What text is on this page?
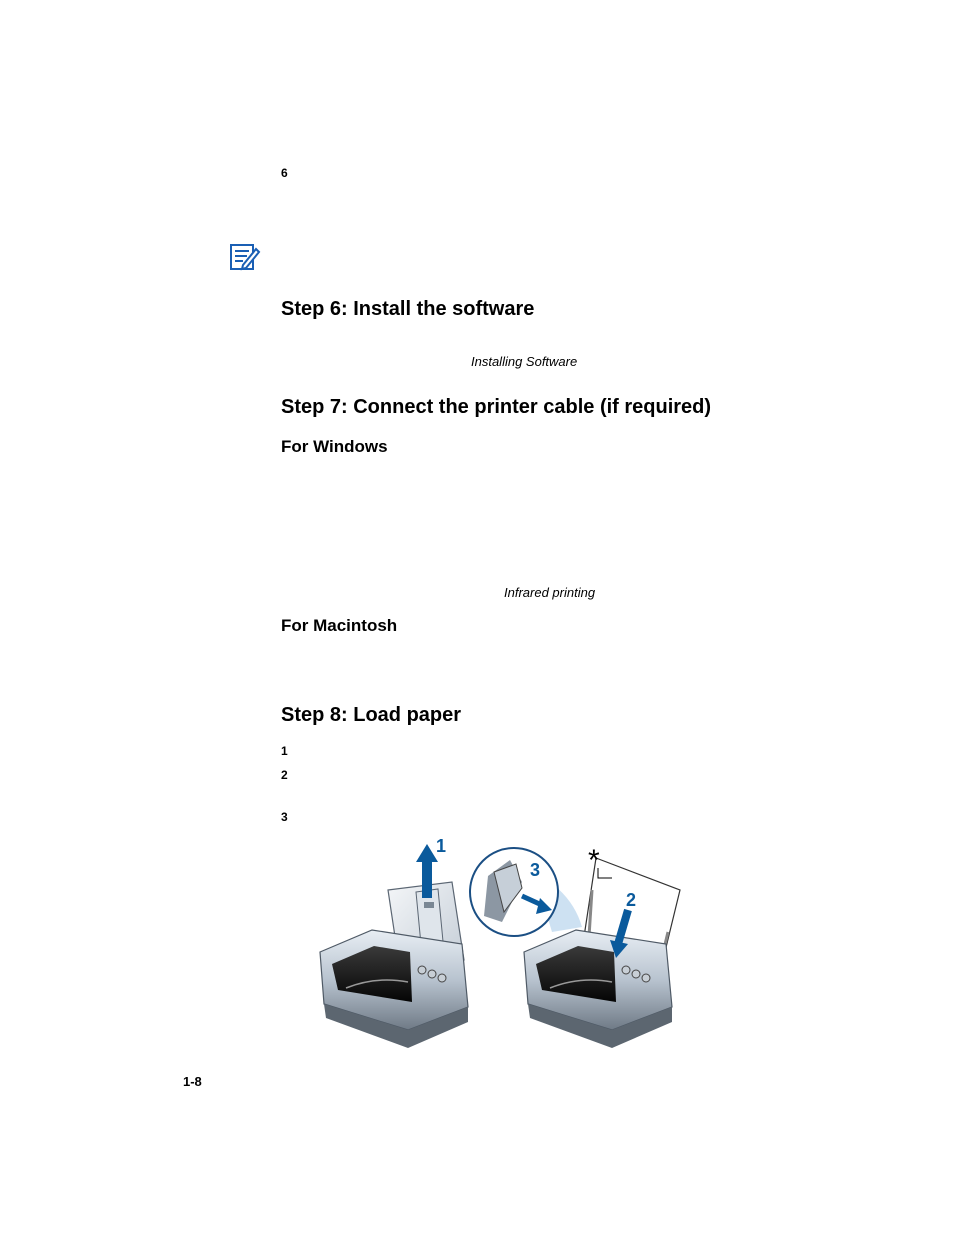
6
Step 6: Install the software
Installing Software
Step 7: Connect the printer cable (if required)
For Windows
Infrared printing
For Macintosh
Step 8: Load paper
1
2
3
1
3
2
*
1-8
